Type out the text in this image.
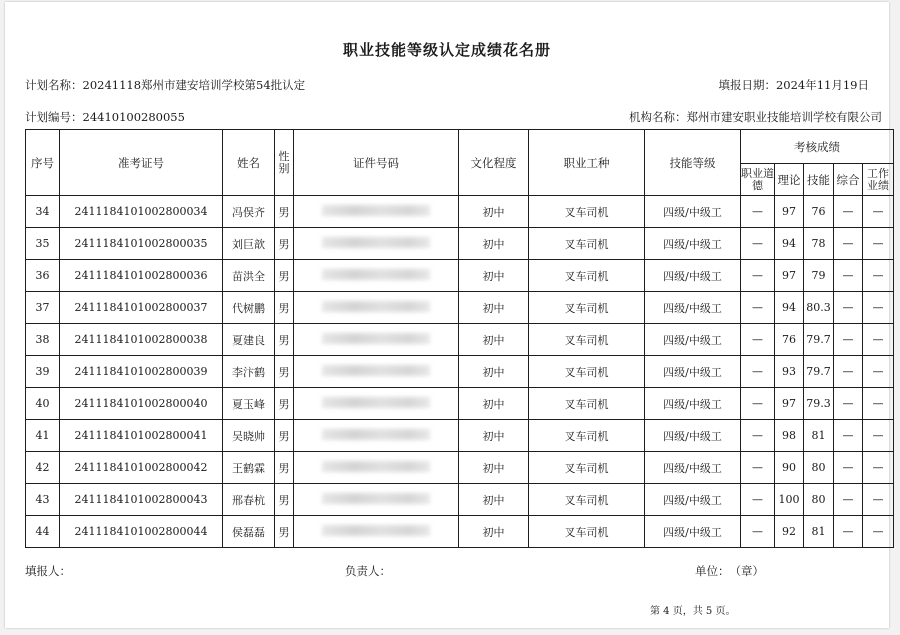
职业技能等级认定成绩花名册
计划名称：20241118郑州市建安培训学校第54批认定	填报日期：2024年11月19日
计划编号：24410100280055	机构名称：郑州市建安职业技能培训学校有限公司
序号	准考证号	姓名	性别	证件号码	文化程度	职业工种	技能等级	考核成绩				
								职业道德	理论	技能	综合	工作业绩
34	2411184101002800034	冯俣齐	男		初中	叉车司机	四级/中级工	—	97	76	—	—
35	2411184101002800035	刘巨歆	男		初中	叉车司机	四级/中级工	—	94	78	—	—
36	2411184101002800036	苗洪全	男		初中	叉车司机	四级/中级工	—	97	79	—	—
37	2411184101002800037	代树鹏	男		初中	叉车司机	四级/中级工	—	94	80.3	—	—
38	2411184101002800038	夏建良	男		初中	叉车司机	四级/中级工	—	76	79.7	—	—
39	2411184101002800039	李汴鹤	男		初中	叉车司机	四级/中级工	—	93	79.7	—	—
40	2411184101002800040	夏玉峰	男		初中	叉车司机	四级/中级工	—	97	79.3	—	—
41	2411184101002800041	吴晓帅	男		初中	叉车司机	四级/中级工	—	98	81	—	—
42	2411184101002800042	王鹤霖	男		初中	叉车司机	四级/中级工	—	90	80	—	—
43	2411184101002800043	邢春杭	男		初中	叉车司机	四级/中级工	—	100	80	—	—
44	2411184101002800044	侯磊磊	男		初中	叉车司机	四级/中级工	—	92	81	—	—
填报人：	负责人：	单位：　（章）
第 4 页，共 5 页。
